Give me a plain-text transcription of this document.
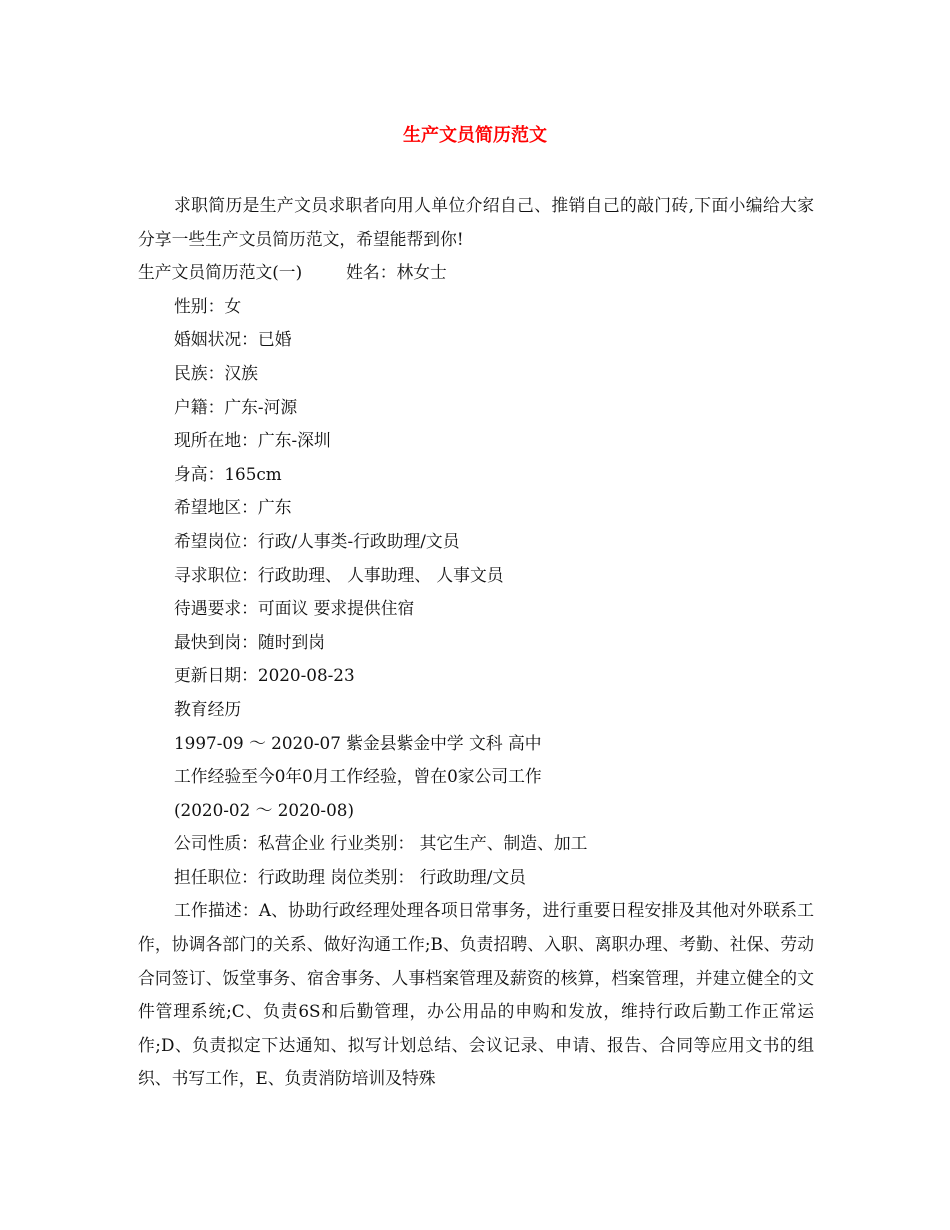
生产文员简历范文

求职简历是生产文员求职者向用人单位介绍自己、推销自己的敲门砖,下面小编给大家分享一些生产文员简历范文，希望能帮到你!

生产文员简历范文(一)	姓名：林女士

性别：女

婚姻状况：已婚

民族：汉族

户籍：广东-河源

现所在地：广东-深圳

身高：165cm

希望地区：广东

希望岗位：行政/人事类-行政助理/文员

寻求职位：行政助理、 人事助理、 人事文员

待遇要求：可面议 要求提供住宿

最快到岗：随时到岗

更新日期：2020-08-23

教育经历

1997-09 ～ 2020-07 紫金县紫金中学 文科 高中

工作经验至今0年0月工作经验，曾在0家公司工作

(2020-02 ～ 2020-08)

公司性质：私营企业 行业类别： 其它生产、制造、加工

担任职位：行政助理 岗位类别： 行政助理/文员

工作描述：A、协助行政经理处理各项日常事务，进行重要日程安排及其他对外联系工作，协调各部门的关系、做好沟通工作;B、负责招聘、入职、离职办理、考勤、社保、劳动合同签订、饭堂事务、宿舍事务、人事档案管理及薪资的核算，档案管理，并建立健全的文件管理系统;C、负责6S和后勤管理，办公用品的申购和发放，维持行政后勤工作正常运作;D、负责拟定下达通知、拟写计划总结、会议记录、申请、报告、合同等应用文书的组织、书写工作，E、负责消防培训及特殊
